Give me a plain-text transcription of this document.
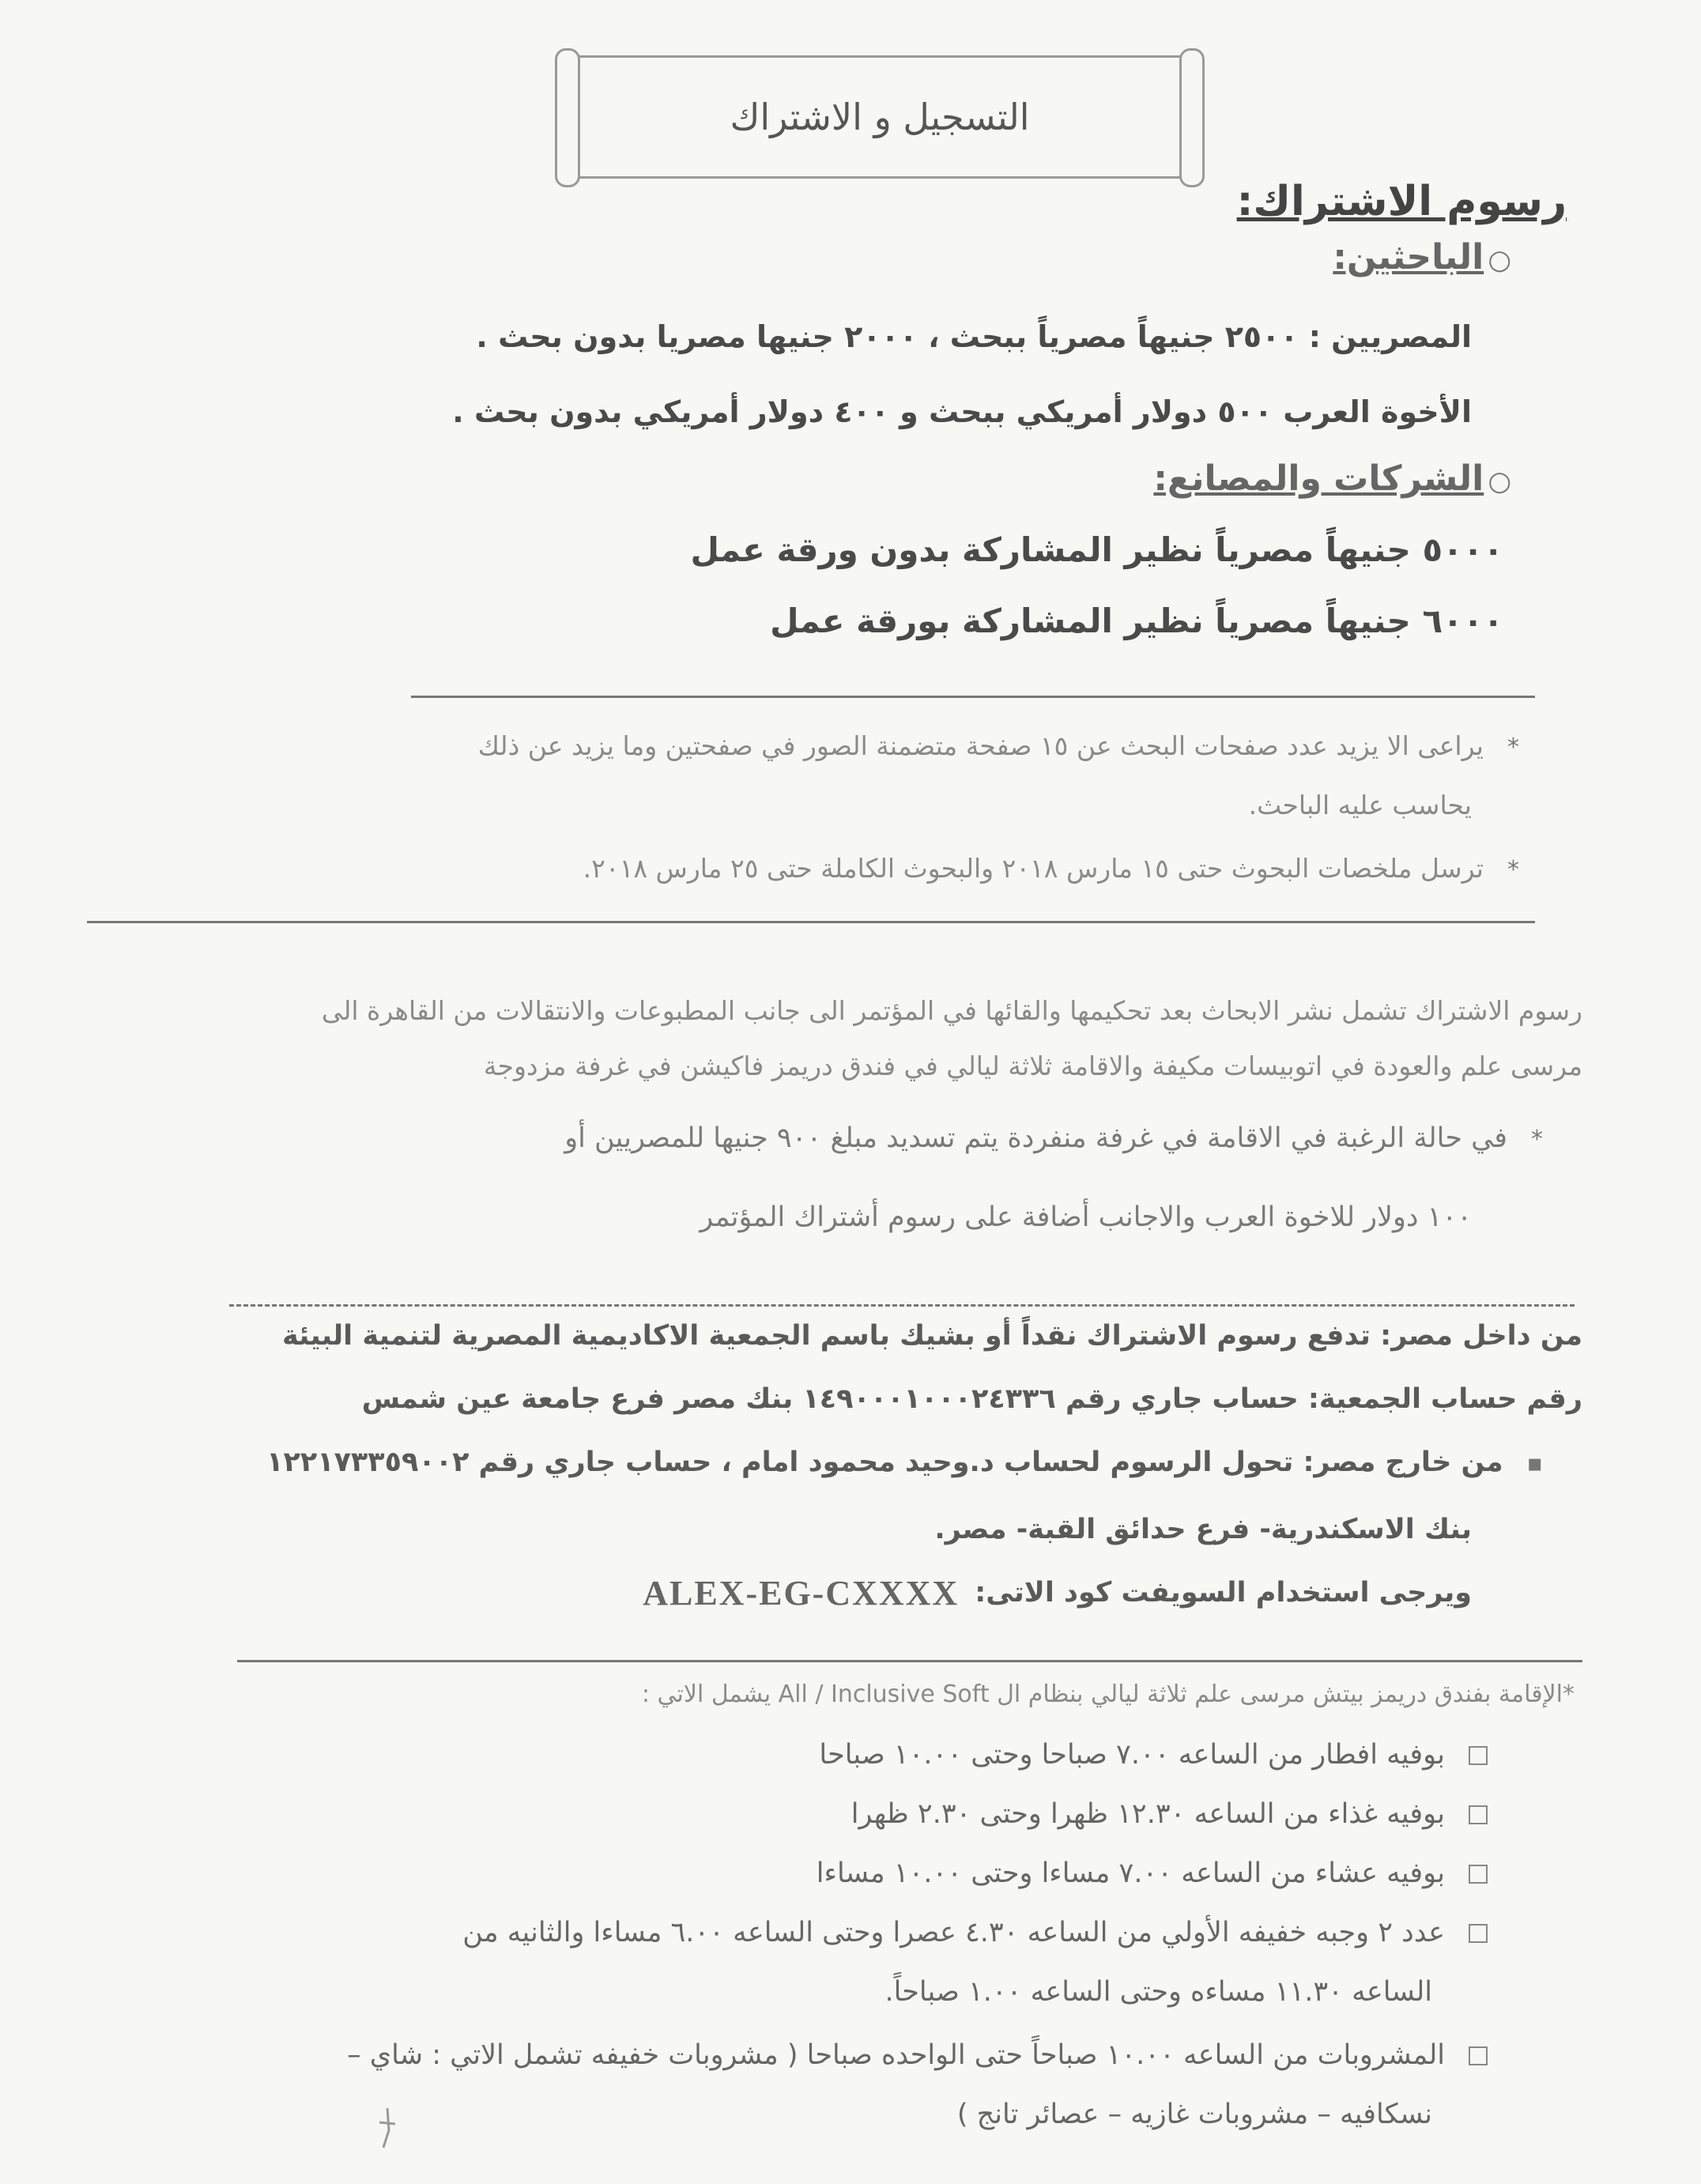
التسجيل و الاشتراك
رسوم الاشتراك:
○ الباحثين:
المصريين : ٢٥٠٠ جنيهاً مصرياً ببحث ، ٢٠٠٠ جنيها مصريا بدون بحث .
الأخوة العرب ٥٠٠ دولار أمريكي ببحث و ٤٠٠ دولار أمريكي بدون بحث .
○ الشركات والمصانع:
٥٠٠٠ جنيهاً مصرياً نظير المشاركة بدون ورقة عمل
٦٠٠٠ جنيهاً مصرياً نظير المشاركة بورقة عمل
*يراعى الا يزيد عدد صفحات البحث عن ١٥ صفحة متضمنة الصور في صفحتين وما يزيد عن ذلك
يحاسب عليه الباحث.
*ترسل ملخصات البحوث حتى ١٥ مارس ٢٠١٨ والبحوث الكاملة حتى ٢٥ مارس ٢٠١٨.
رسوم الاشتراك تشمل نشر الابحاث بعد تحكيمها والقائها في المؤتمر الى جانب المطبوعات والانتقالات من القاهرة الى
مرسى علم والعودة في اتوبيسات مكيفة والاقامة ثلاثة ليالي في فندق دريمز فاكيشن في غرفة مزدوجة
*في حالة الرغبة في الاقامة في غرفة منفردة يتم تسديد مبلغ ٩٠٠ جنيها للمصريين أو
١٠٠ دولار للاخوة العرب والاجانب أضافة على رسوم أشتراك المؤتمر
من داخل مصر: تدفع رسوم الاشتراك نقداً أو بشيك باسم الجمعية الاكاديمية المصرية لتنمية البيئة
رقم حساب الجمعية: حساب جاري رقم ١٤٩٠٠٠١٠٠٠٢٤٣٣٦ بنك مصر فرع جامعة عين شمس
▪من خارج مصر: تحول الرسوم لحساب د.وحيد محمود امام ، حساب جاري رقم ١٢٢١٧٣٣٥٩٠٠٢
بنك الاسكندرية- فرع حدائق القبة- مصر.
ويرجى استخدام السويفت كود الاتى:
ALEX-EG-CXXXX
*الإقامة بفندق دريمز بيتش مرسى علم ثلاثة ليالي بنظام ال All / Inclusive Soft يشمل الاتي :
بوفيه افطار من الساعه ٧.٠٠ صباحا وحتى ١٠.٠٠ صباحا
بوفيه غذاء من الساعه ١٢.٣٠ ظهرا وحتى ٢.٣٠ ظهرا
بوفيه عشاء من الساعه ٧.٠٠ مساءا وحتى ١٠.٠٠ مساءا
عدد ٢ وجبه خفيفه الأولي من الساعه ٤.٣٠ عصرا وحتى الساعه ٦.٠٠ مساءا والثانيه من
الساعه ١١.٣٠ مساءه وحتى الساعه ١.٠٠ صباحاً.
المشروبات من الساعه ١٠.٠٠ صباحاً حتى الواحده صباحا ( مشروبات خفيفه تشمل الاتي : شاي –
نسكافيه – مشروبات غازيه – عصائر تانج )
